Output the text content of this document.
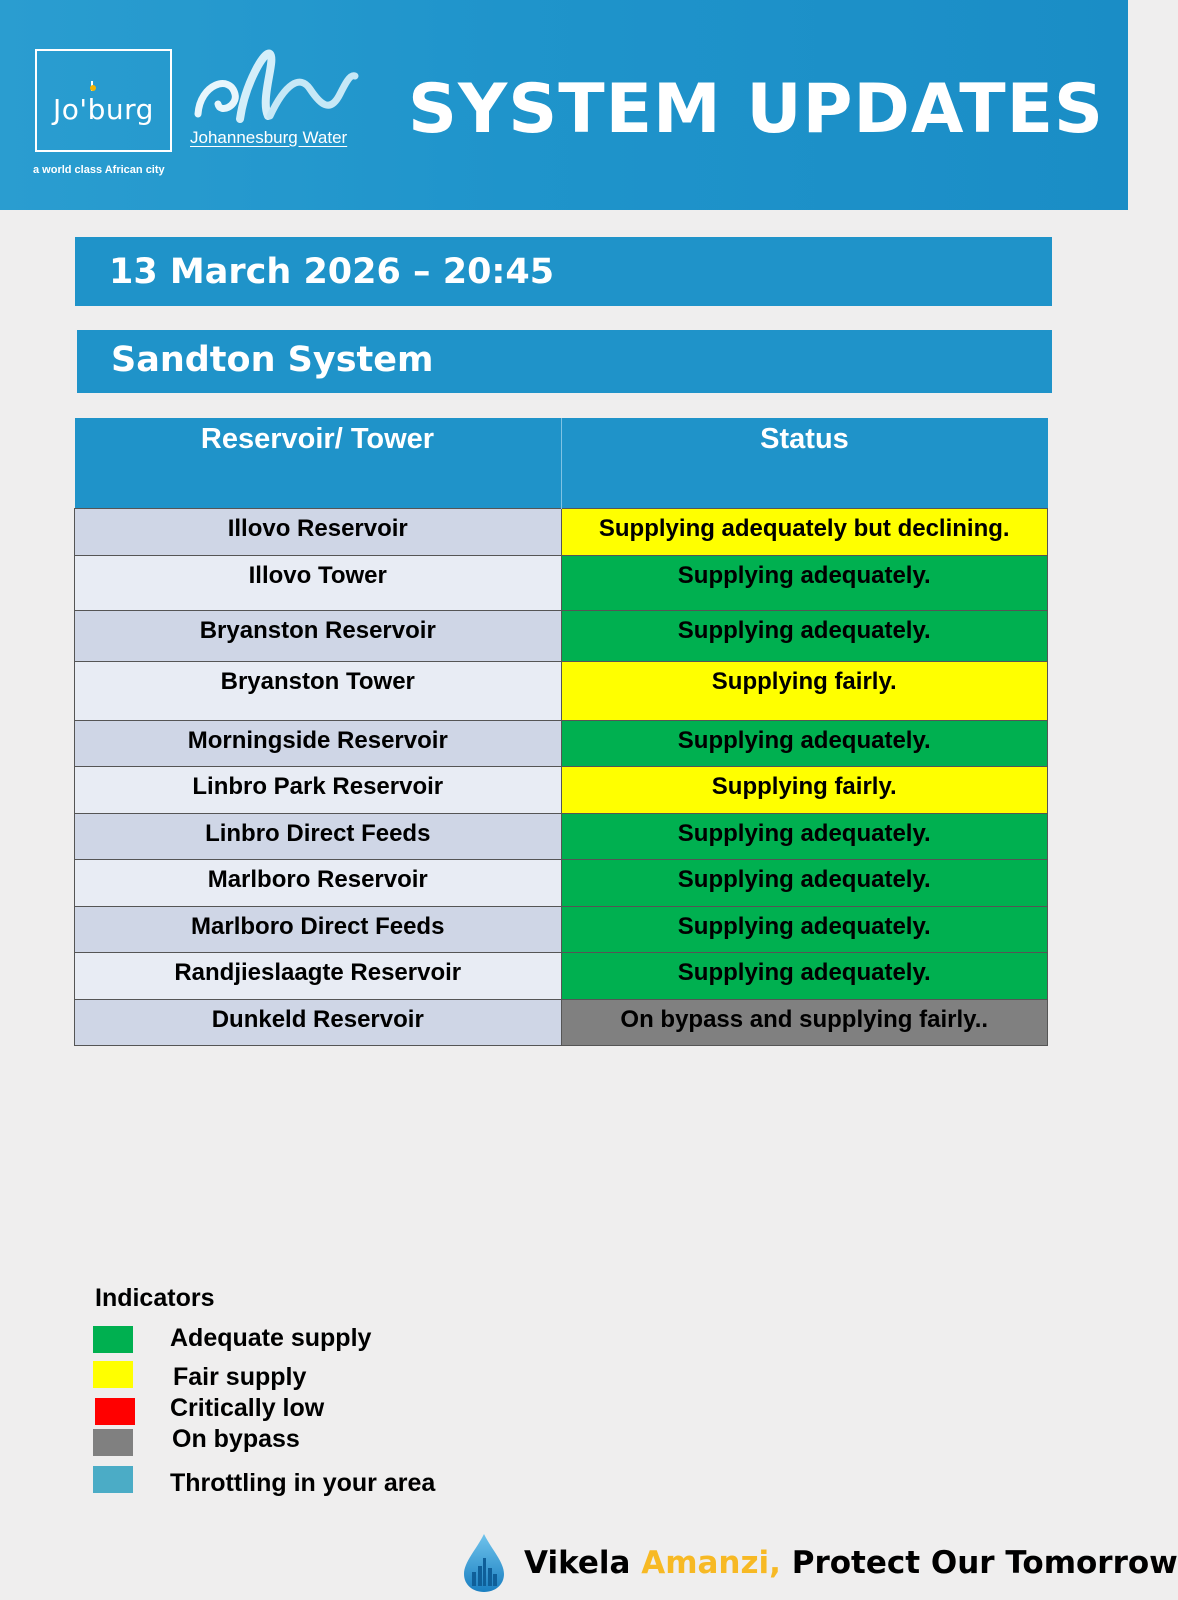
Jo'burg
a world class African city
Johannesburg Water SYSTEM UPDATES
13 March 2026 – 20:45
Sandton System
Reservoir/ Tower	Status
Illovo Reservoir	Supplying adequately but declining.
Illovo Tower	Supplying adequately.
Bryanston Reservoir	Supplying adequately.
Bryanston Tower	Supplying fairly.
Morningside Reservoir	Supplying adequately.
Linbro Park Reservoir	Supplying fairly.
Linbro Direct Feeds	Supplying adequately.
Marlboro Reservoir	Supplying adequately.
Marlboro Direct Feeds	Supplying adequately.
Randjieslaagte Reservoir	Supplying adequately.
Dunkeld Reservoir	On bypass and supplying fairly..
Indicators
Adequate supply
Fair supply
Critically low
On bypass
Throttling in your area
Vikela Amanzi, Protect Our Tomorrow
